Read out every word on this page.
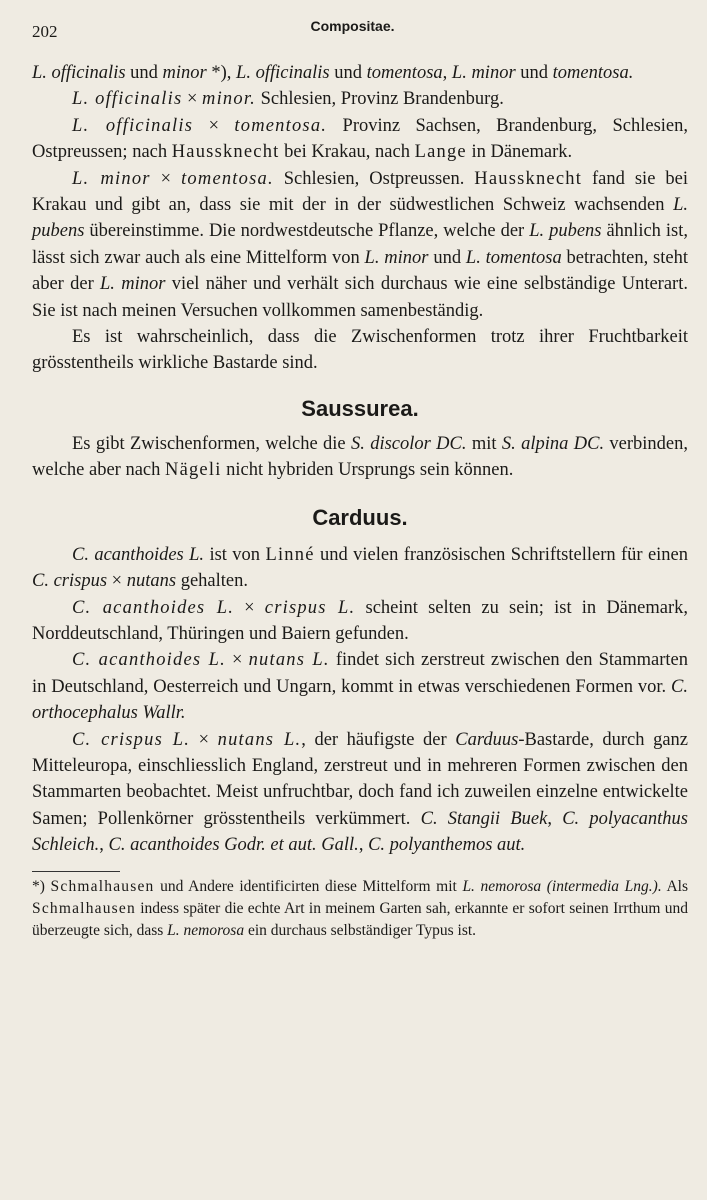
202	Compositae.

L. officinalis und minor *), L. officinalis und tomentosa, L. minor und tomentosa.

L. officinalis × minor. Schlesien, Provinz Brandenburg.

L. officinalis × tomentosa. Provinz Sachsen, Brandenburg, Schlesien, Ostpreussen; nach Haussknecht bei Krakau, nach Lange in Dänemark.

L. minor × tomentosa. Schlesien, Ostpreussen. Haussknecht fand sie bei Krakau und gibt an, dass sie mit der in der südwestlichen Schweiz wachsenden L. pubens übereinstimme. Die nordwestdeutsche Pflanze, welche der L. pubens ähnlich ist, lässt sich zwar auch als eine Mittelform von L. minor und L. tomentosa betrachten, steht aber der L. minor viel näher und verhält sich durchaus wie eine selbständige Unterart. Sie ist nach meinen Versuchen vollkommen samenbeständig.

Es ist wahrscheinlich, dass die Zwischenformen trotz ihrer Fruchtbarkeit grösstentheils wirkliche Bastarde sind.

Saussurea.

Es gibt Zwischenformen, welche die S. discolor DC. mit S. alpina DC. verbinden, welche aber nach Nägeli nicht hybriden Ursprungs sein können.

Carduus.

C. acanthoides L. ist von Linné und vielen französischen Schriftstellern für einen C. crispus × nutans gehalten.

C. acanthoides L. × crispus L. scheint selten zu sein; ist in Dänemark, Norddeutschland, Thüringen und Baiern gefunden.

C. acanthoides L. × nutans L. findet sich zerstreut zwischen den Stammarten in Deutschland, Oesterreich und Ungarn, kommt in etwas verschiedenen Formen vor. C. orthocephalus Wallr.

C. crispus L. × nutans L., der häufigste der Carduus-Bastarde, durch ganz Mitteleuropa, einschliesslich England, zerstreut und in mehreren Formen zwischen den Stammarten beobachtet. Meist unfruchtbar, doch fand ich zuweilen einzelne entwickelte Samen; Pollenkörner grösstentheils verkümmert. C. Stangii Buek, C. polyacanthus Schleich., C. acanthoides Godr. et aut. Gall., C. polyanthemos aut.

*) Schmalhausen und Andere identificirten diese Mittelform mit L. nemorosa (intermedia Lng.). Als Schmalhausen indess später die echte Art in meinem Garten sah, erkannte er sofort seinen Irrthum und überzeugte sich, dass L. nemorosa ein durchaus selbständiger Typus ist.
